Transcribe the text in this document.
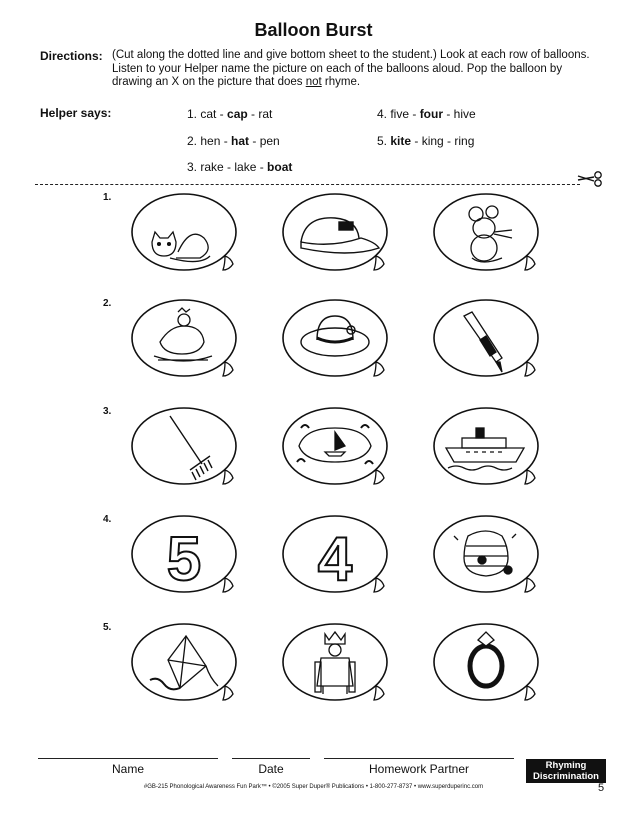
Balloon Burst
Directions: (Cut along the dotted line and give bottom sheet to the student.) Look at each row of balloons. Listen to your Helper name the picture on each of the balloons aloud. Pop the balloon by drawing an X on the picture that does not rhyme.
Helper says:	1. cat - cap - rat
2. hen - hat - pen
3. rake - lake - boat
4. five - four - hive
5. kite - king - ring
1.
2.
3.
4.
5.
5 4
Name	Date	Homework Partner	Rhyming
Discrimination
#GB-215 Phonological Awareness Fun Park™ • ©2005 Super Duper® Publications • 1-800-277-8737 • www.superduperinc.com	5
